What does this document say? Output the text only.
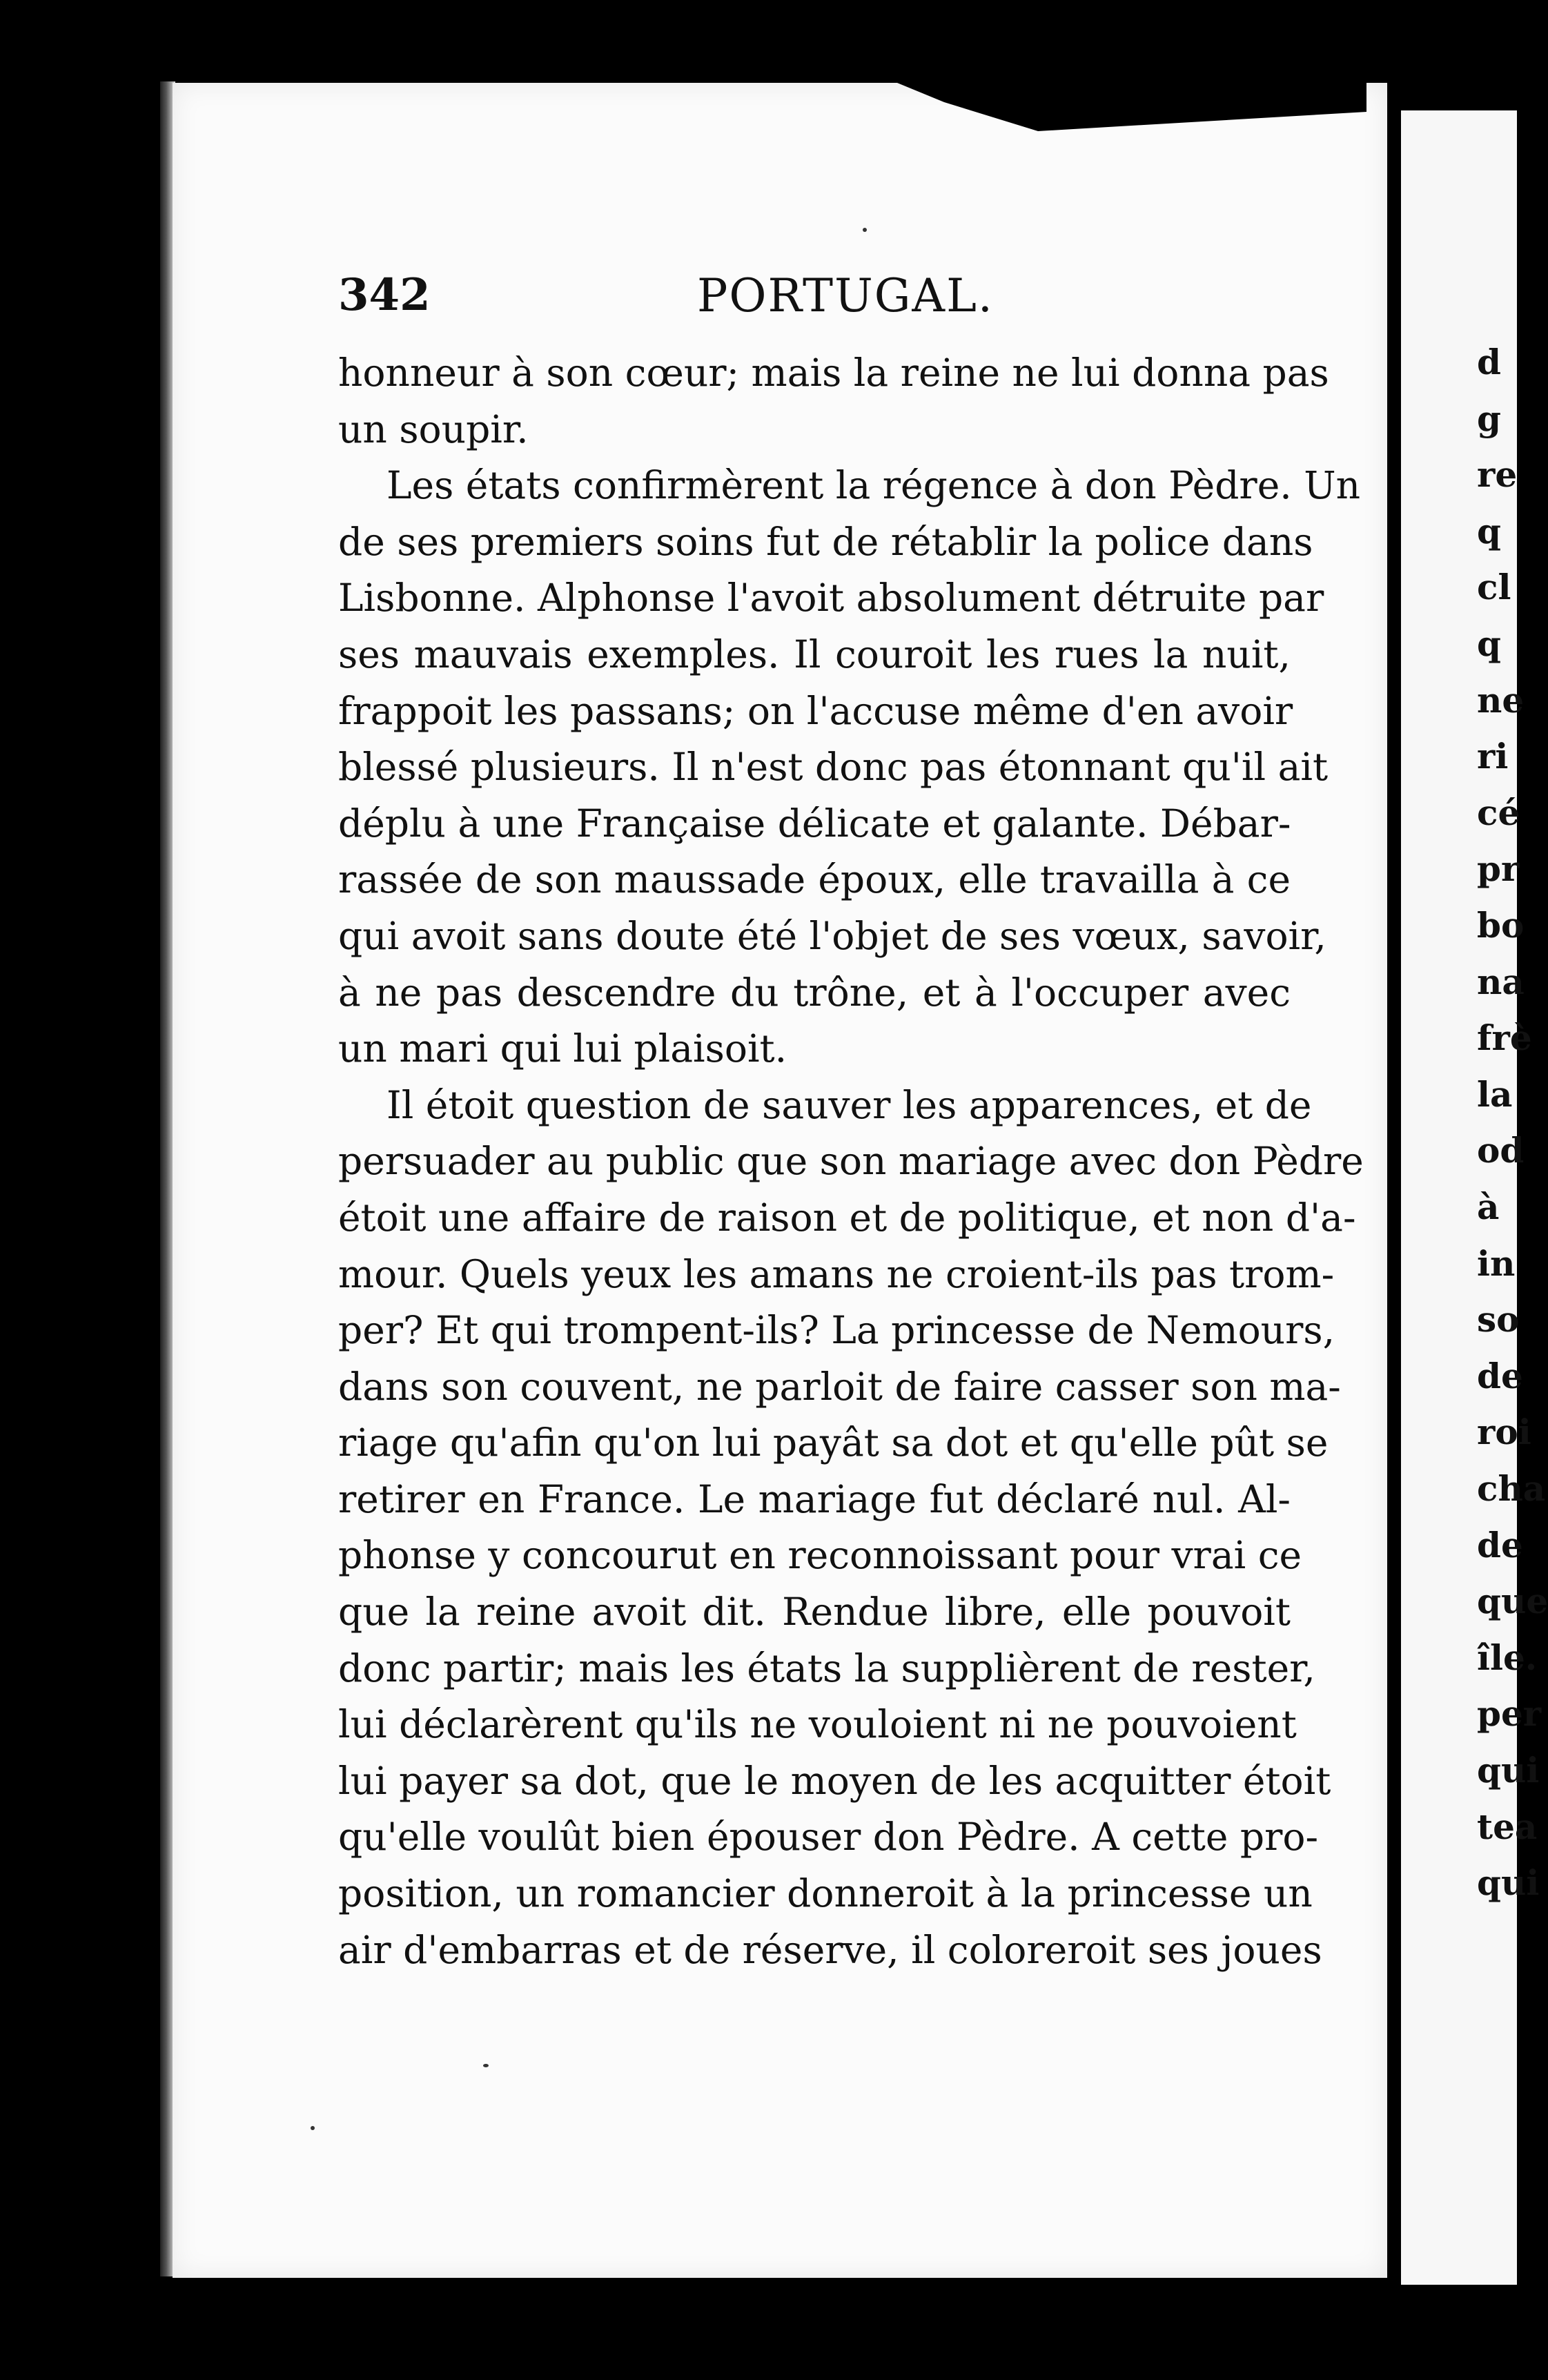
342	PORTUGAL.
honneur à son cœur; mais la reine ne lui donna pas
un soupir.
Les états confirmèrent la régence à don Pèdre. Un
de ses premiers soins fut de rétablir la police dans
Lisbonne. Alphonse l'avoit absolument détruite par
ses mauvais exemples. Il couroit les rues la nuit,
frappoit les passans; on l'accuse même d'en avoir
blessé plusieurs. Il n'est donc pas étonnant qu'il ait
déplu à une Française délicate et galante. Débar-
rassée de son maussade époux, elle travailla à ce
qui avoit sans doute été l'objet de ses vœux, savoir,
à ne pas descendre du trône, et à l'occuper avec
un mari qui lui plaisoit.
Il étoit question de sauver les apparences, et de
persuader au public que son mariage avec don Pèdre
étoit une affaire de raison et de politique, et non d'a-
mour. Quels yeux les amans ne croient-ils pas trom-
per? Et qui trompent-ils? La princesse de Nemours,
dans son couvent, ne parloit de faire casser son ma-
riage qu'afin qu'on lui payât sa dot et qu'elle pût se
retirer en France. Le mariage fut déclaré nul. Al-
phonse y concourut en reconnoissant pour vrai ce
que la reine avoit dit. Rendue libre, elle pouvoit
donc partir; mais les états la supplièrent de rester,
lui déclarèrent qu'ils ne vouloient ni ne pouvoient
lui payer sa dot, que le moyen de les acquitter étoit
qu'elle voulût bien épouser don Pèdre. A cette pro-
position, un romancier donneroit à la princesse un
air d'embarras et de réserve, il coloreroit ses joues
d
g
re
q
cl
q
ne
ri
cé
pr
bo
na
frè
la
od
à
in
so
de
roi
cha
de
que
île.
per
qui
tea
qui
